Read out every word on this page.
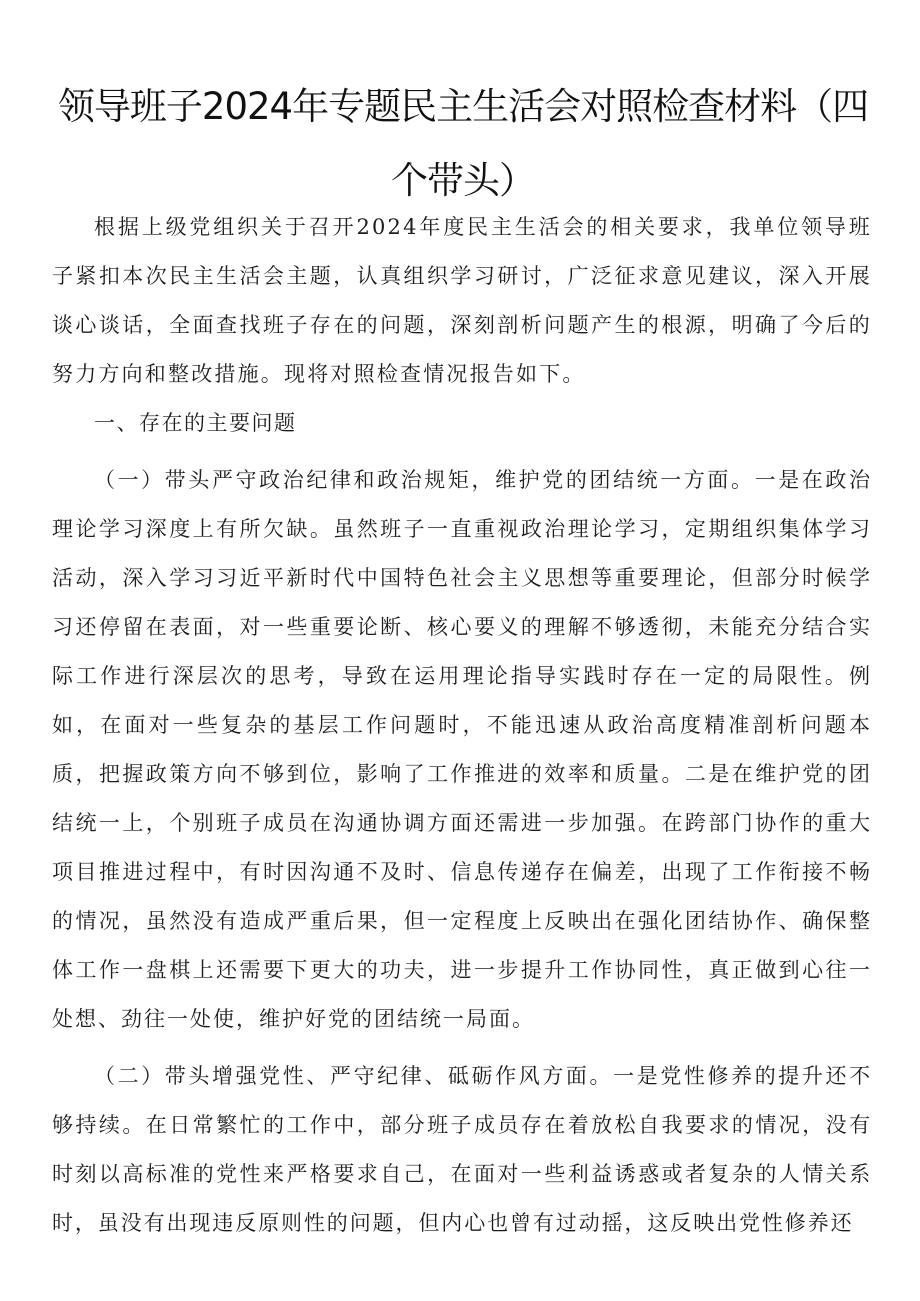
领导班子2024年专题民主生活会对照检查材料（四个带头）

根据上级党组织关于召开2024年度民主生活会的相关要求，我单位领导班子紧扣本次民主生活会主题，认真组织学习研讨，广泛征求意见建议，深入开展谈心谈话，全面查找班子存在的问题，深刻剖析问题产生的根源，明确了今后的努力方向和整改措施。现将对照检查情况报告如下。

一、存在的主要问题

（一）带头严守政治纪律和政治规矩，维护党的团结统一方面。一是在政治理论学习深度上有所欠缺。虽然班子一直重视政治理论学习，定期组织集体学习活动，深入学习习近平新时代中国特色社会主义思想等重要理论，但部分时候学习还停留在表面，对一些重要论断、核心要义的理解不够透彻，未能充分结合实际工作进行深层次的思考，导致在运用理论指导实践时存在一定的局限性。例如，在面对一些复杂的基层工作问题时，不能迅速从政治高度精准剖析问题本质，把握政策方向不够到位，影响了工作推进的效率和质量。二是在维护党的团结统一上，个别班子成员在沟通协调方面还需进一步加强。在跨部门协作的重大项目推进过程中，有时因沟通不及时、信息传递存在偏差，出现了工作衔接不畅的情况，虽然没有造成严重后果，但一定程度上反映出在强化团结协作、确保整体工作一盘棋上还需要下更大的功夫，进一步提升工作协同性，真正做到心往一处想、劲往一处使，维护好党的团结统一局面。

（二）带头增强党性、严守纪律、砥砺作风方面。一是党性修养的提升还不够持续。在日常繁忙的工作中，部分班子成员存在着放松自我要求的情况，没有时刻以高标准的党性来严格要求自己，在面对一些利益诱惑或者复杂的人情关系时，虽没有出现违反原则性的问题，但内心也曾有过动摇，这反映出党性修养还
